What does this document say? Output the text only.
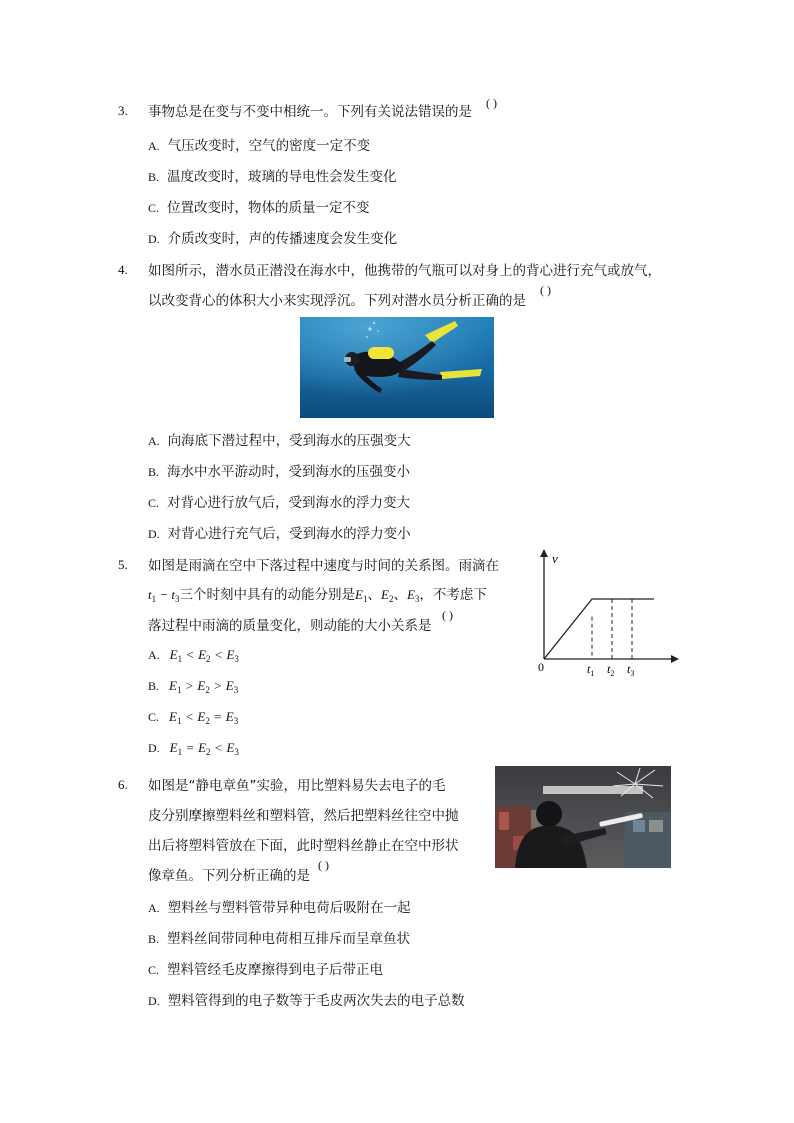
3. 事物总是在变与不变中相统一。下列有关说法错误的是
( )
A. 气压改变时，空气的密度一定不变
B. 温度改变时，玻璃的导电性会发生变化
C. 位置改变时，物体的质量一定不变
D. 介质改变时，声的传播速度会发生变化
4. 如图所示，潜水员正潜没在海水中，他携带的气瓶可以对身上的背心进行充气或放气，
以改变背心的体积大小来实现浮沉。下列对潜水员分析正确的是
( )
A. 向海底下潜过程中，受到海水的压强变大
B. 海水中水平游动时，受到海水的压强变小
C. 对背心进行放气后，受到海水的浮力变大
D. 对背心进行充气后，受到海水的浮力变小
5. 如图是雨滴在空中下落过程中速度与时间的关系图。雨滴在
$t_1 - t_3$三个时刻中具有的动能分别是$E_1$、$E_2$、$E_3$，不考虑下
落过程中雨滴的质量变化，则动能的大小关系是
( )
A. $E_1 < E_2 < E_3$
B. $E_1 > E_2 > E_3$
C. $E_1 < E_2 = E_3$
D. $E_1 = E_2 < E_3$
v
0	$t_1$ $t_2$ $t_3$
6. 如图是“静电章鱼”实验，用比塑料易失去电子的毛
皮分别摩擦塑料丝和塑料管，然后把塑料丝往空中抛
出后将塑料管放在下面，此时塑料丝静止在空中形状
像章鱼。下列分析正确的是
( )
A. 塑料丝与塑料管带异种电荷后吸附在一起
B. 塑料丝间带同种电荷相互排斥而呈章鱼状
C. 塑料管经毛皮摩擦得到电子后带正电
D. 塑料管得到的电子数等于毛皮两次失去的电子总数
